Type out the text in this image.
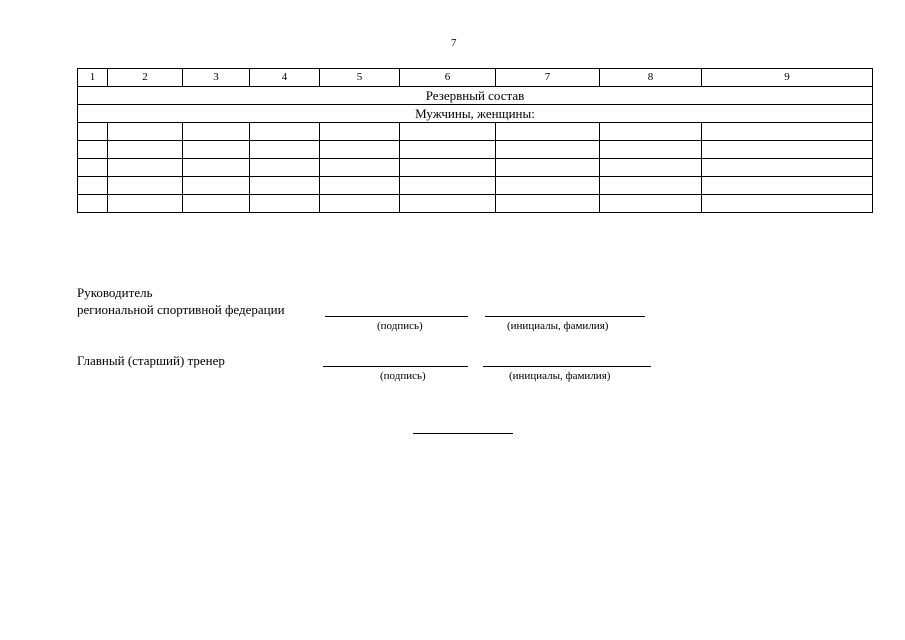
7
1	2	3	4	5	6	7	8	9
Резервный состав								
Мужчины, женщины:								

Руководитель
региональной спортивной федерации
(подпись)	(инициалы, фамилия)
Главный (старший) тренер
(подпись)	(инициалы, фамилия)
